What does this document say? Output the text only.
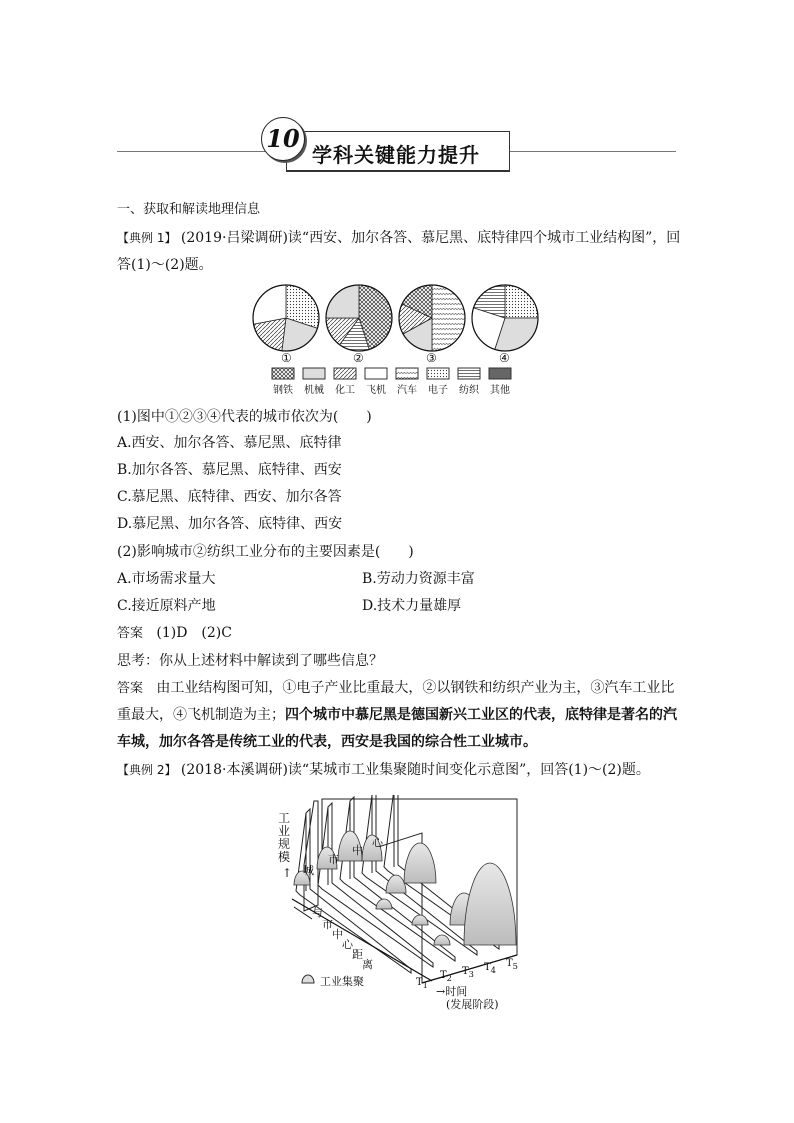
10
学科关键能力提升
一、获取和解读地理信息
【典例 1】 (2019·吕梁调研)读“西安、加尔各答、慕尼黑、底特律四个城市工业结构图”，回
答(1)～(2)题。
①	②	③	④
钢铁	机械	化工	飞机	汽车	电子	纺织	其他
(1)图中①②③④代表的城市依次为(　　)
A.西安、加尔各答、慕尼黑、底特律
B.加尔各答、慕尼黑、底特律、西安
C.慕尼黑、底特律、西安、加尔各答
D.慕尼黑、加尔各答、底特律、西安
(2)影响城市②纺织工业分布的主要因素是(　　)
A.市场需求量大	B.劳动力资源丰富
C.接近原料产地	D.技术力量雄厚
答案 (1)D　(2)C
思考：你从上述材料中解读到了哪些信息？
答案 由工业结构图可知，①电子产业比重最大，②以钢铁和纺织产业为主，③汽车工业比
重最大，④飞机制造为主；四个城市中慕尼黑是德国新兴工业区的代表，底特律是著名的汽
车城，加尔各答是传统工业的代表，西安是我国的综合性工业城市。
【典例 2】 (2018·本溪调研)读“某城市工业集聚随时间变化示意图”，回答(1)～(2)题。
工业规模
↑ 城
市
中
心
与
市
中
心
距
离
$T_1$
$T_2$
$T_3$
$T_4$
$T_5$
→时间
(发展阶段)
工业集聚
